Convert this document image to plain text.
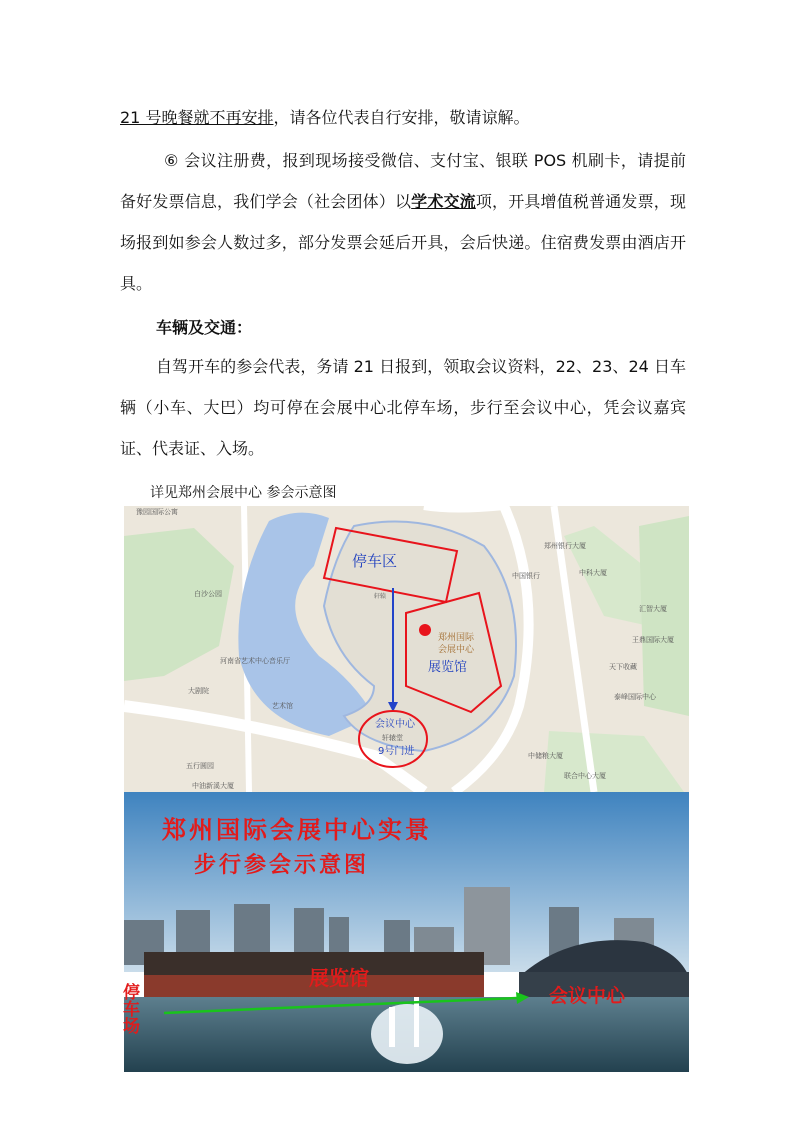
21 号晚餐就不再安排，请各位代表自行安排，敬请谅解。

⑥ 会议注册费，报到现场接受微信、支付宝、银联 POS 机刷卡，请提前备好发票信息，我们学会（社会团体）以学术交流项，开具增值税普通发票，现场报到如参会人数过多，部分发票会延后开具，会后快递。住宿费发票由酒店开具。

车辆及交通：

自驾开车的参会代表，务请 21 日报到，领取会议资料，22、23、24 日车辆（小车、大巴）均可停在会展中心北停车场，步行至会议中心，凭会议嘉宾证、代表证、入场。

详见郑州会展中心 参会示意图
停车区
郑州国际
会展中心
展览馆
会议中心
轩辕堂
9号门进
豫园国际公寓
郑州银行大厦
中国银行	中科大厦
汇智大厦
王鼎国际大厦
天下收藏
泰峰国际中心
中储粮大厦
联合中心大厦
白沙公园
河南省艺术中心音乐厅
大剧院
艺术馆
五行圆园
中油新溪大厦
轩辕
郑州国际会展中心实景
步行参会示意图
展览馆
会议中心
停车场
